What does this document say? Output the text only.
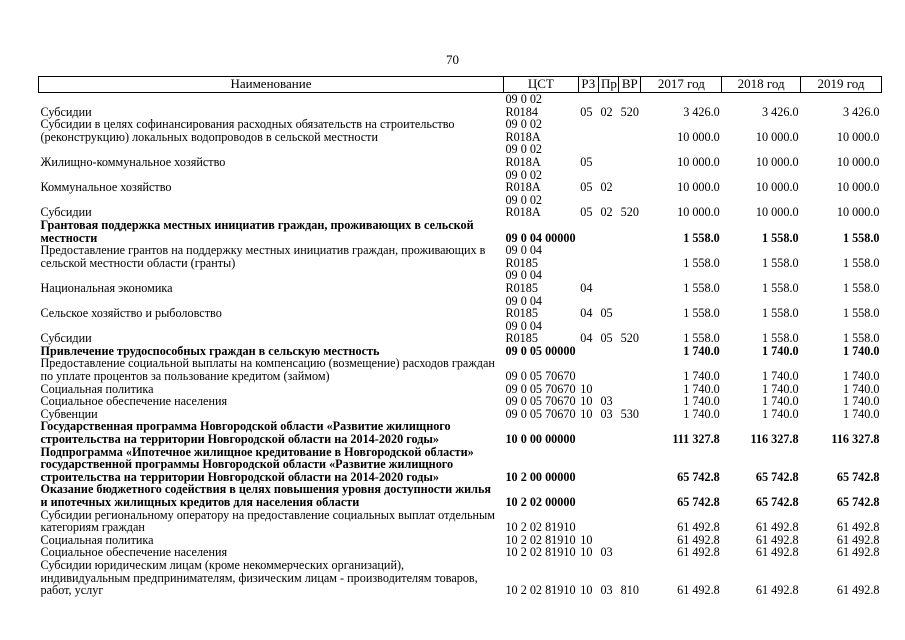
70
Наименование	ЦСТ	РЗ	Пр	ВР	2017 год	2018 год	2019 год
Субсидии	09 0 02 R0184	05	02	520	3 426.0	3 426.0	3 426.0
Субсидии в целях софинансирования расходных обязательств на строительство (реконструкцию) локальных водопроводов в сельской местности	09 0 02 R018A				10 000.0	10 000.0	10 000.0
Жилищно-коммунальное хозяйство	09 0 02 R018A	05			10 000.0	10 000.0	10 000.0
Коммунальное хозяйство	09 0 02 R018A	05	02		10 000.0	10 000.0	10 000.0
Субсидии	09 0 02 R018A	05	02	520	10 000.0	10 000.0	10 000.0
Грантовая поддержка местных инициатив граждан, проживающих в сельской местности	09 0 04 00000				1 558.0	1 558.0	1 558.0
Предоставление грантов на поддержку местных инициатив граждан, проживающих в сельской местности области (гранты)	09 0 04 R0185				1 558.0	1 558.0	1 558.0
Национальная экономика	09 0 04 R0185	04			1 558.0	1 558.0	1 558.0
Сельское хозяйство и рыболовство	09 0 04 R0185	04	05		1 558.0	1 558.0	1 558.0
Субсидии	09 0 04 R0185	04	05	520	1 558.0	1 558.0	1 558.0
Привлечение трудоспособных граждан в сельскую местность	09 0 05 00000				1 740.0	1 740.0	1 740.0
Предоставление социальной выплаты на компенсацию (возмещение) расходов граждан по уплате процентов за пользование кредитом (займом)	09 0 05 70670				1 740.0	1 740.0	1 740.0
Социальная политика	09 0 05 70670	10			1 740.0	1 740.0	1 740.0
Социальное обеспечение населения	09 0 05 70670	10	03		1 740.0	1 740.0	1 740.0
Субвенции	09 0 05 70670	10	03	530	1 740.0	1 740.0	1 740.0
Государственная программа Новгородской области «Развитие жилищного строительства на территории Новгородской области на 2014-2020 годы»	10 0 00 00000				111 327.8	116 327.8	116 327.8
Подпрограмма «Ипотечное жилищное кредитование в Новгородской области» государственной программы Новгородской области «Развитие жилищного строительства на территории Новгородской области на 2014-2020 годы»	10 2 00 00000				65 742.8	65 742.8	65 742.8
Оказание бюджетного содействия в целях повышения уровня доступности жилья и ипотечных жилищных кредитов для населения области	10 2 02 00000				65 742.8	65 742.8	65 742.8
Субсидии региональному оператору на предоставление социальных выплат отдельным категориям граждан	10 2 02 81910				61 492.8	61 492.8	61 492.8
Социальная политика	10 2 02 81910	10			61 492.8	61 492.8	61 492.8
Социальное обеспечение населения	10 2 02 81910	10	03		61 492.8	61 492.8	61 492.8
Субсидии юридическим лицам (кроме некоммерческих организаций), индивидуальным предпринимателям, физическим лицам - производителям товаров, работ, услуг	10 2 02 81910	10	03	810	61 492.8	61 492.8	61 492.8
